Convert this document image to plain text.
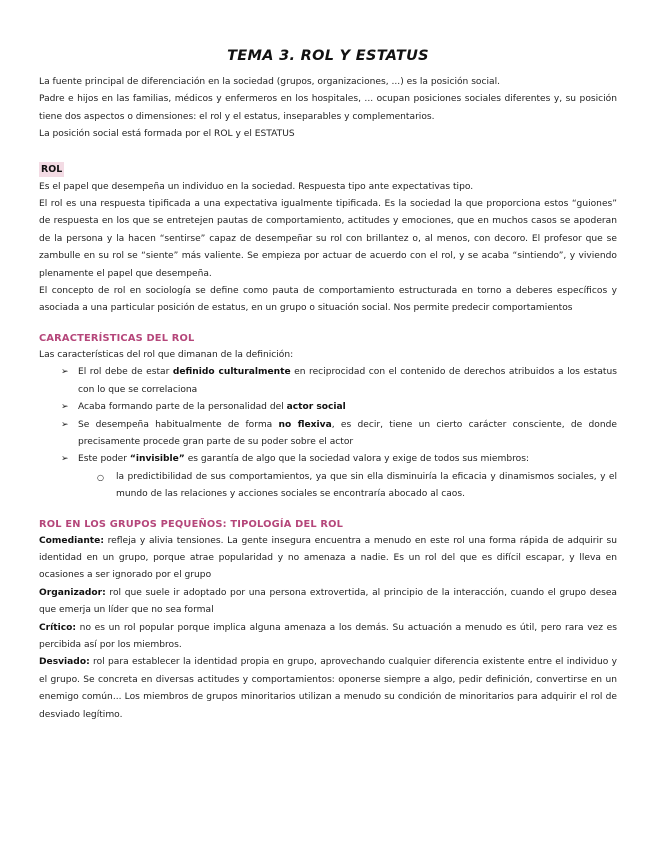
TEMA 3. ROL Y ESTATUS

La fuente principal de diferenciación en la sociedad (grupos, organizaciones, ...) es la posición social.

Padre e hijos en las familias, médicos y enfermeros en los hospitales, ... ocupan posiciones sociales diferentes y, su posición tiene dos aspectos o dimensiones: el rol y el estatus, inseparables y complementarios.

La posición social está formada por el ROL y el ESTATUS

ROL

Es el papel que desempeña un individuo en la sociedad. Respuesta tipo ante expectativas tipo.

El rol es una respuesta tipificada a una expectativa igualmente tipificada. Es la sociedad la que proporciona estos “guiones” de respuesta en los que se entretejen pautas de comportamiento, actitudes y emociones, que en muchos casos se apoderan de la persona y la hacen “sentirse” capaz de desempeñar su rol con brillantez o, al menos, con decoro. El profesor que se zambulle en su rol se “siente” más valiente. Se empieza por actuar de acuerdo con el rol, y se acaba “sintiendo”, y viviendo plenamente el papel que desempeña.

El concepto de rol en sociología se define como pauta de comportamiento estructurada en torno a deberes específicos y asociada a una particular posición de estatus, en un grupo o situación social. Nos permite predecir comportamientos

CARACTERÍSTICAS DEL ROL

Las características del rol que dimanan de la definición:

➢ El rol debe de estar definido culturalmente en reciprocidad con el contenido de derechos atribuidos a los estatus con lo que se correlaciona
➢ Acaba formando parte de la personalidad del actor social
➢ Se desempeña habitualmente de forma no flexiva, es decir, tiene un cierto carácter consciente, de donde precisamente procede gran parte de su poder sobre el actor
➢ Este poder “invisible” es garantía de algo que la sociedad valora y exige de todos sus miembros:
○ la predictibilidad de sus comportamientos, ya que sin ella disminuiría la eficacia y dinamismos sociales, y el mundo de las relaciones y acciones sociales se encontraría abocado al caos.
ROL EN LOS GRUPOS PEQUEÑOS: TIPOLOGÍA DEL ROL

Comediante: refleja y alivia tensiones. La gente insegura encuentra a menudo en este rol una forma rápida de adquirir su identidad en un grupo, porque atrae popularidad y no amenaza a nadie. Es un rol del que es difícil escapar, y lleva en ocasiones a ser ignorado por el grupo

Organizador: rol que suele ir adoptado por una persona extrovertida, al principio de la interacción, cuando el grupo desea que emerja un líder que no sea formal

Crítico: no es un rol popular porque implica alguna amenaza a los demás. Su actuación a menudo es útil, pero rara vez es percibida así por los miembros.

Desviado: rol para establecer la identidad propia en grupo, aprovechando cualquier diferencia existente entre el individuo y el grupo. Se concreta en diversas actitudes y comportamientos: oponerse siempre a algo, pedir definición, convertirse en un enemigo común... Los miembros de grupos minoritarios utilizan a menudo su condición de minoritarios para adquirir el rol de desviado legítimo.
